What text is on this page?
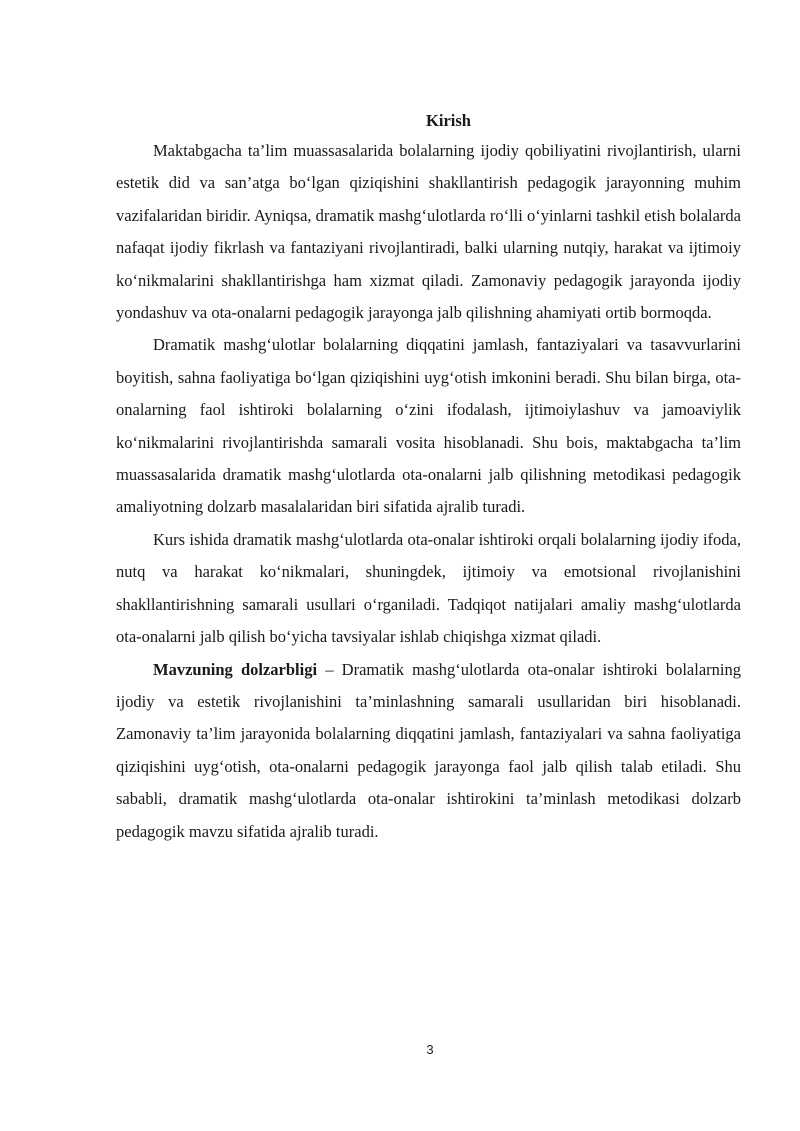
Kirish

Maktabgacha ta’lim muassasalarida bolalarning ijodiy qobiliyatini rivojlantirish, ularni estetik did va san’atga bo‘lgan qiziqishini shakllantirish pedagogik jarayonning muhim vazifalaridan biridir. Ayniqsa, dramatik mashg‘ulotlarda ro‘lli o‘yinlarni tashkil etish bolalarda nafaqat ijodiy fikrlash va fantaziyani rivojlantiradi, balki ularning nutqiy, harakat va ijtimoiy ko‘nikmalarini shakllantirishga ham xizmat qiladi. Zamonaviy pedagogik jarayonda ijodiy yondashuv va ota-onalarni pedagogik jarayonga jalb qilishning ahamiyati ortib bormoqda.

Dramatik mashg‘ulotlar bolalarning diqqatini jamlash, fantaziyalari va tasavvurlarini boyitish, sahna faoliyatiga bo‘lgan qiziqishini uyg‘otish imkonini beradi. Shu bilan birga, ota-onalarning faol ishtiroki bolalarning o‘zini ifodalash, ijtimoiylashuv va jamoaviylik ko‘nikmalarini rivojlantirishda samarali vosita hisoblanadi. Shu bois, maktabgacha ta’lim muassasalarida dramatik mashg‘ulotlarda ota-onalarni jalb qilishning metodikasi pedagogik amaliyotning dolzarb masalalaridan biri sifatida ajralib turadi.

Kurs ishida dramatik mashg‘ulotlarda ota-onalar ishtiroki orqali bolalarning ijodiy ifoda, nutq va harakat ko‘nikmalari, shuningdek, ijtimoiy va emotsional rivojlanishini shakllantirishning samarali usullari o‘rganiladi. Tadqiqot natijalari amaliy mashg‘ulotlarda ota-onalarni jalb qilish bo‘yicha tavsiyalar ishlab chiqishga xizmat qiladi.

Mavzuning dolzarbligi – Dramatik mashg‘ulotlarda ota-onalar ishtiroki bolalarning ijodiy va estetik rivojlanishini ta’minlashning samarali usullaridan biri hisoblanadi. Zamonaviy ta’lim jarayonida bolalarning diqqatini jamlash, fantaziyalari va sahna faoliyatiga qiziqishini uyg‘otish, ota-onalarni pedagogik jarayonga faol jalb qilish talab etiladi. Shu sababli, dramatik mashg‘ulotlarda ota-onalar ishtirokini ta’minlash metodikasi dolzarb pedagogik mavzu sifatida ajralib turadi.

3
